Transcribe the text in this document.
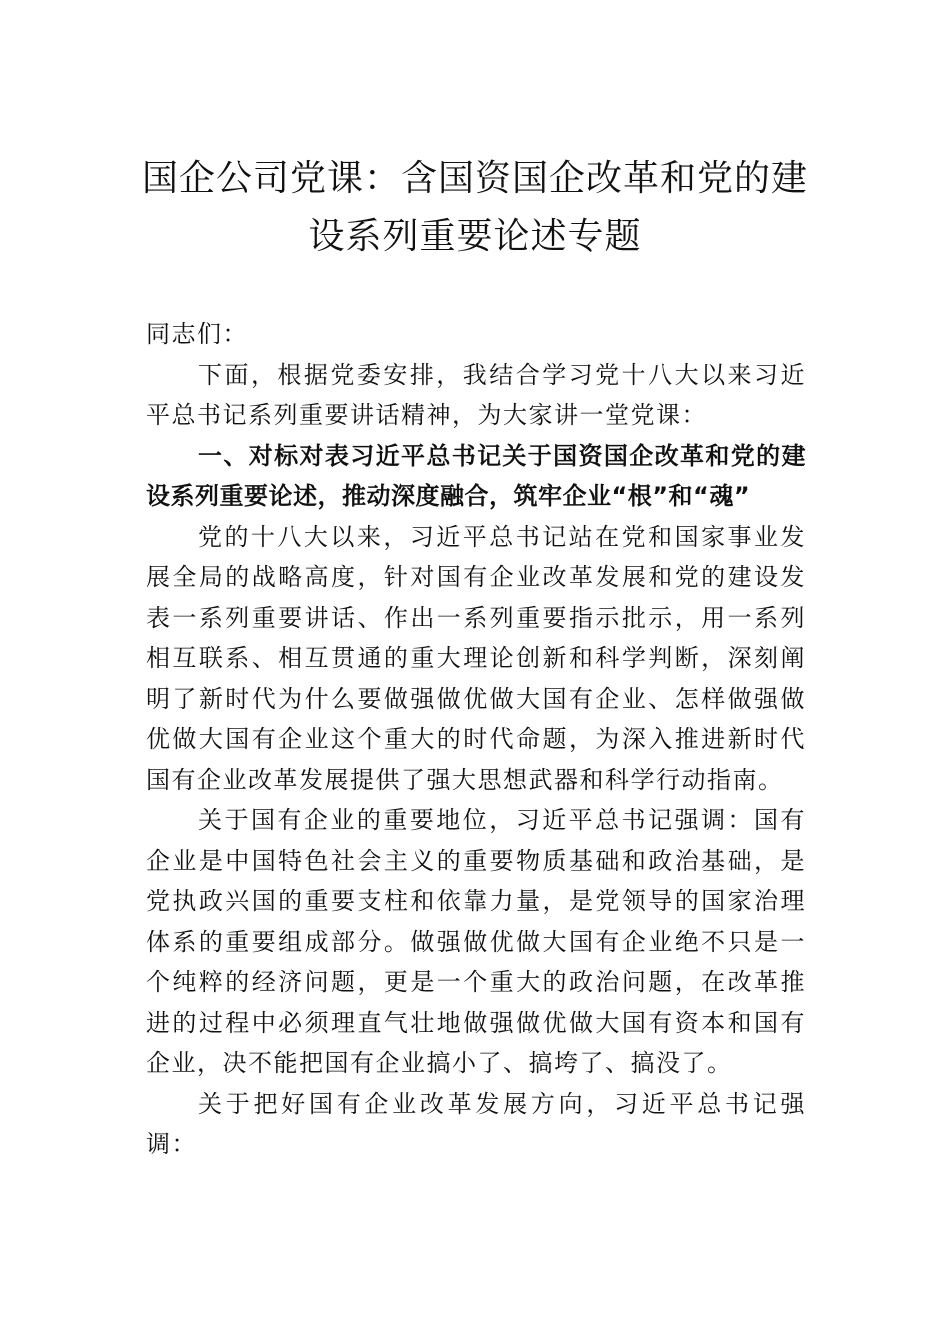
国企公司党课：含国资国企改革和党的建
设系列重要论述专题

同志们：

下面，根据党委安排，我结合学习党十八大以来习近平总书记系列重要讲话精神，为大家讲一堂党课：

一、对标对表习近平总书记关于国资国企改革和党的建设系列重要论述，推动深度融合，筑牢企业“根”和“魂”

党的十八大以来，习近平总书记站在党和国家事业发展全局的战略高度，针对国有企业改革发展和党的建设发表一系列重要讲话、作出一系列重要指示批示，用一系列相互联系、相互贯通的重大理论创新和科学判断，深刻阐明了新时代为什么要做强做优做大国有企业、怎样做强做优做大国有企业这个重大的时代命题，为深入推进新时代国有企业改革发展提供了强大思想武器和科学行动指南。

关于国有企业的重要地位，习近平总书记强调：国有企业是中国特色社会主义的重要物质基础和政治基础，是党执政兴国的重要支柱和依靠力量，是党领导的国家治理体系的重要组成部分。做强做优做大国有企业绝不只是一个纯粹的经济问题，更是一个重大的政治问题，在改革推进的过程中必须理直气壮地做强做优做大国有资本和国有企业，决不能把国有企业搞小了、搞垮了、搞没了。

关于把好国有企业改革发展方向，习近平总书记强调：
